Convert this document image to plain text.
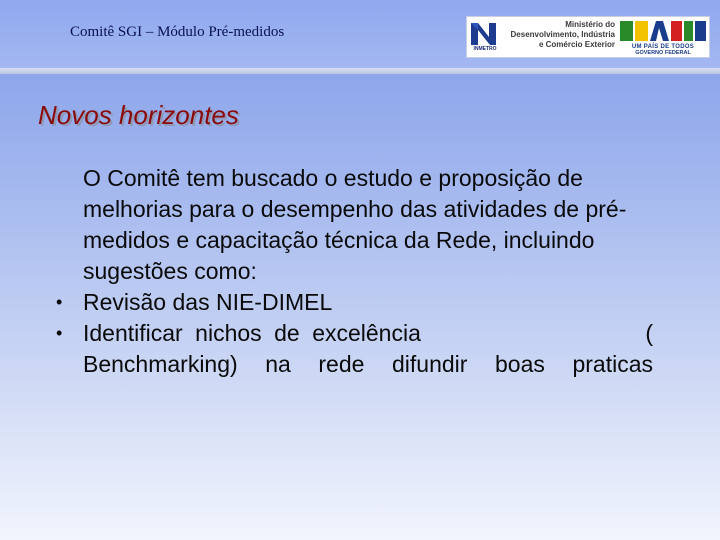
Comitê SGI – Módulo Pré-medidos
INMETRO
Ministério do
Desenvolvimento, Indústria
e Comércio Exterior	UM PAÍS DE TODOS
GOVERNO FEDERAL
Novos horizontes
O Comitê tem buscado o estudo e proposição de melhorias para o desempenho das atividades de pré-medidos e capacitação técnica da Rede, incluindo sugestões como:
• Revisão das NIE-DIMEL
• Identificar nichos de excelência                  ( Benchmarking) na rede difundir boas praticas
